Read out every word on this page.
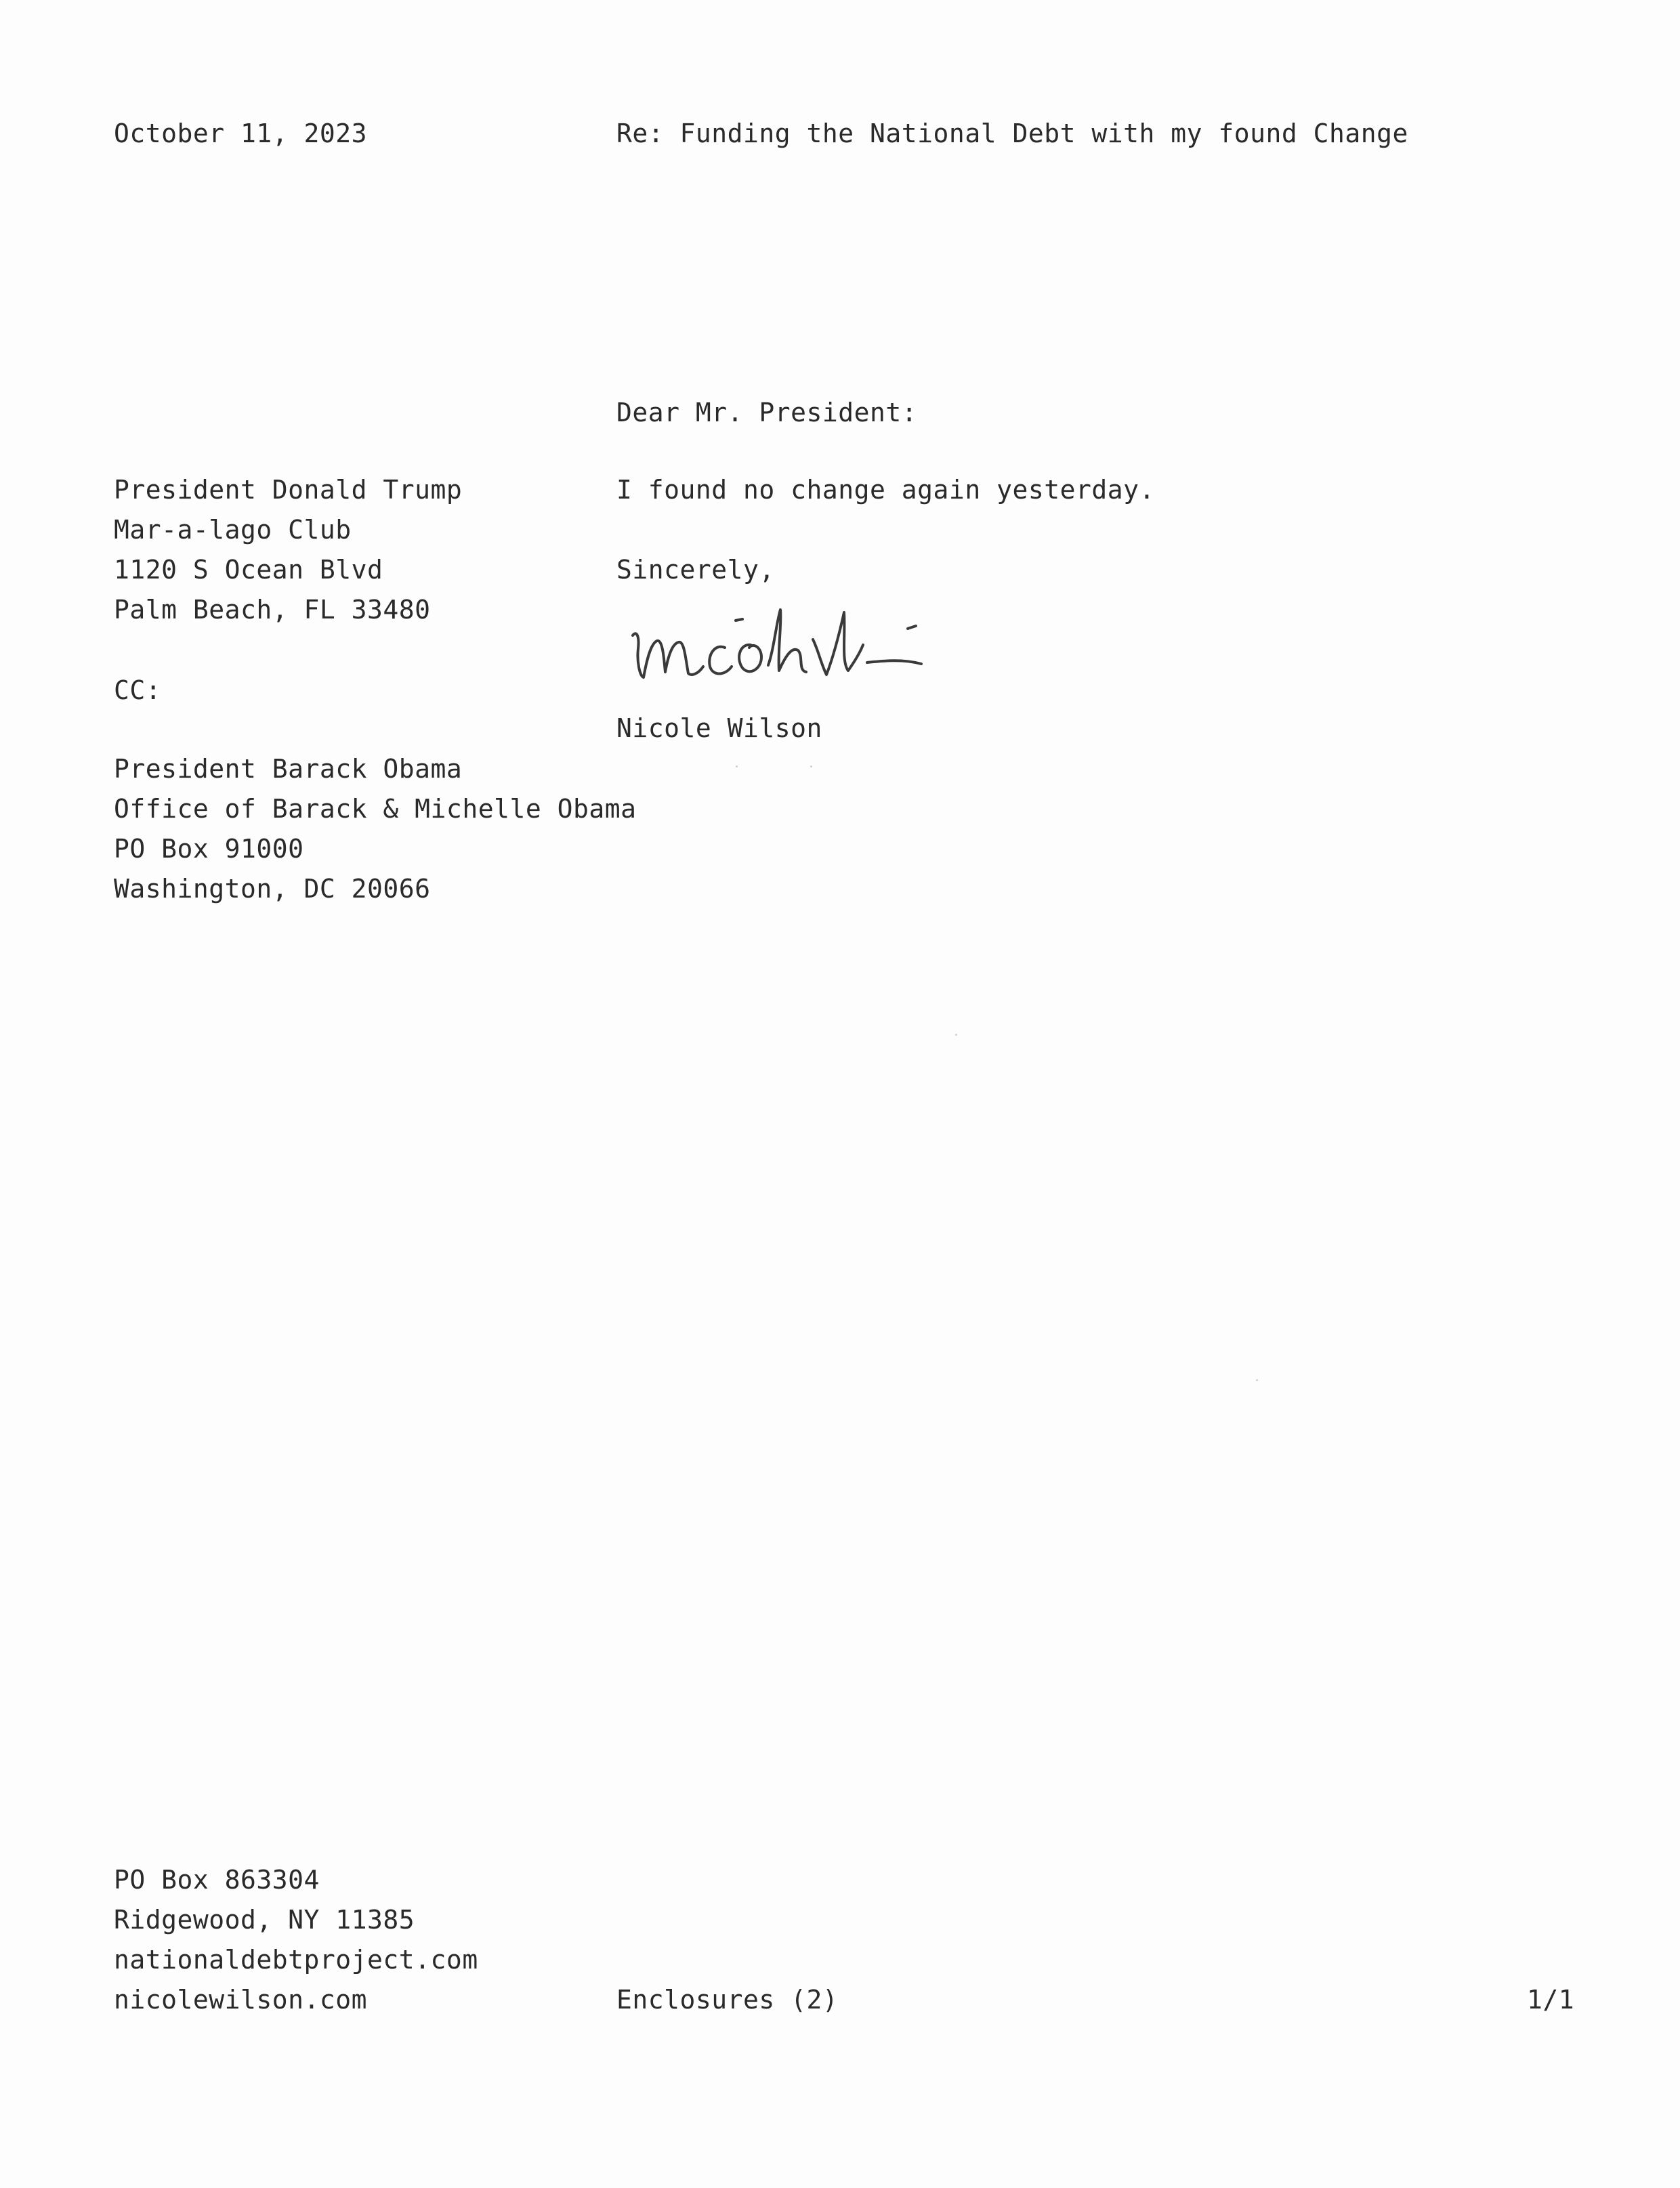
October 11, 2023	Re: Funding the National Debt with my found Change

Dear Mr. President:

President Donald Trump

Mar-a-lago Club

1120 S Ocean Blvd

Palm Beach, FL 33480

I found no change again yesterday.

Sincerely,

Nicole Wilson

CC:

President Barack Obama

Office of Barack & Michelle Obama

PO Box 91000

Washington, DC 20066

PO Box 863304

Ridgewood, NY 11385

nationaldebtproject.com

nicolewilson.com	Enclosures (2)	1/1
